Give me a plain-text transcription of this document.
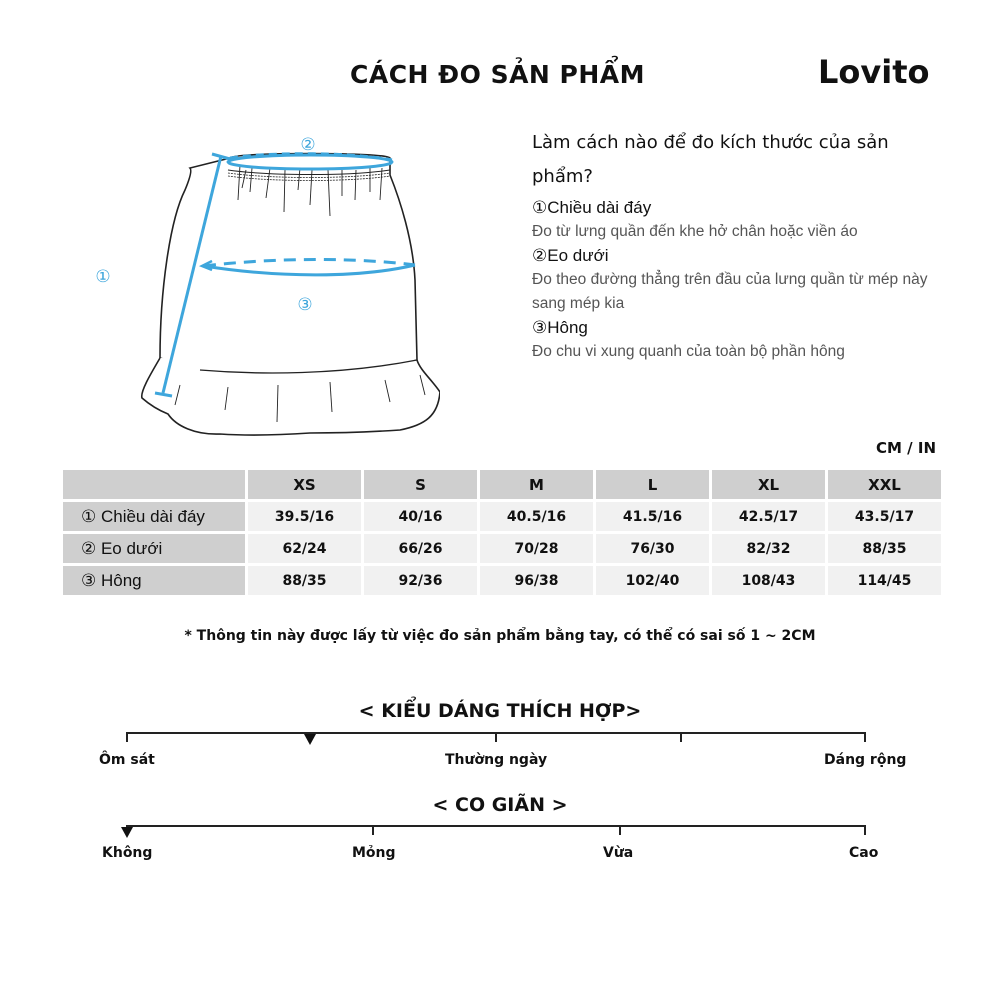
CÁCH ĐO SẢN PHẨM	Lovito
②
③
①
Làm cách nào để đo kích thước của sản phẩm?
①Chiều dài đáy
Đo từ lưng quần đến khe hở chân hoặc viền áo
②Eo dưới
Đo theo đường thẳng trên đầu của lưng quần từ mép này sang mép kia
③Hông
Đo chu vi xung quanh của toàn bộ phần hông
CM / IN
	XS	S	M	L	XL	XXL
① Chiều dài đáy	39.5/16	40/16	40.5/16	41.5/16	42.5/17	43.5/17
② Eo dưới	62/24	66/26	70/28	76/30	82/32	88/35
③ Hông	88/35	92/36	96/38	102/40	108/43	114/45
* Thông tin này được lấy từ việc đo sản phẩm bằng tay, có thể có sai số 1 ~ 2CM
< KIỂU DÁNG THÍCH HỢP>
Ôm sát	Thường ngày	Dáng rộng
< CO GIÃN >
Không	Mỏng	Vừa	Cao
